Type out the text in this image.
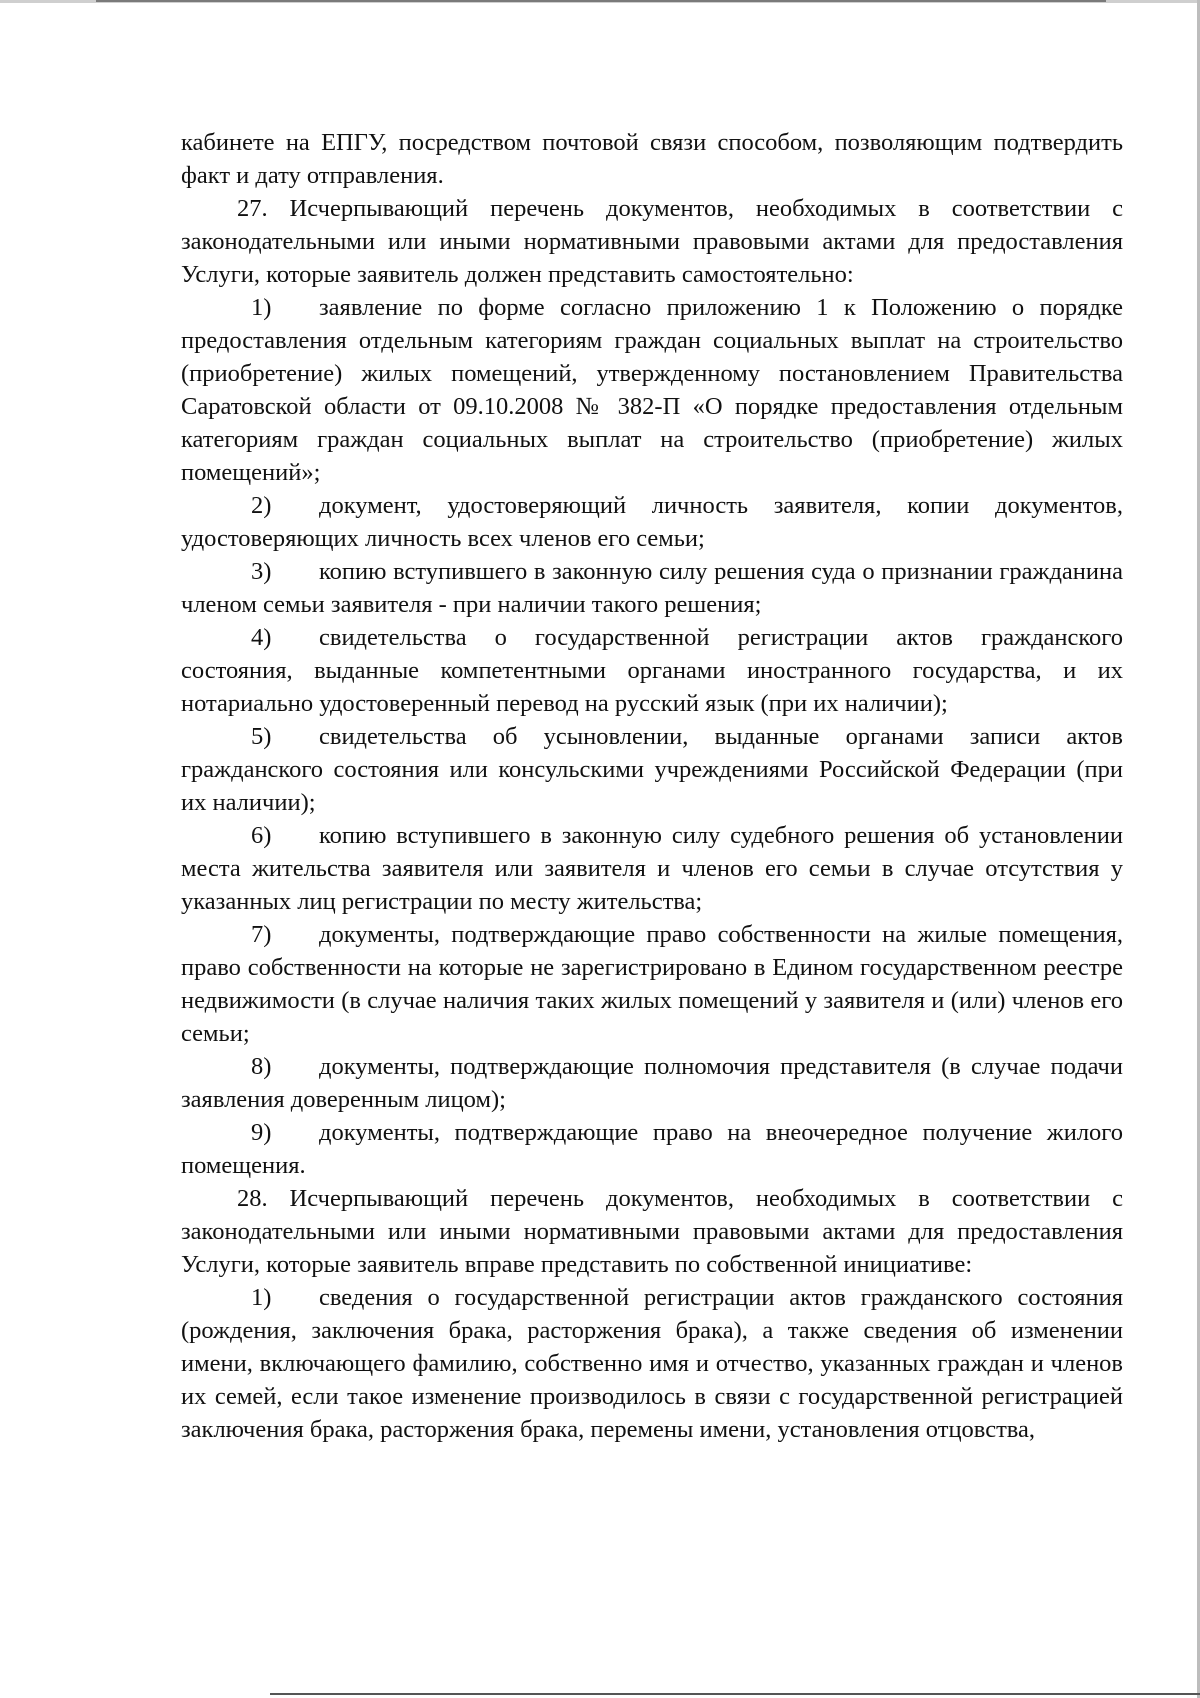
кабинете на ЕПГУ, посредством почтовой связи способом, позволяющим подтвердить факт и дату отправления.

27. Исчерпывающий перечень документов, необходимых в соответствии с законодательными или иными нормативными правовыми актами для предоставления Услуги, которые заявитель должен представить самостоятельно:

1) заявление по форме согласно приложению 1 к Положению о порядке предоставления отдельным категориям граждан социальных выплат на строительство (приобретение) жилых помещений, утвержденному постановлением Правительства Саратовской области от 09.10.2008 № 382-П «О порядке предоставления отдельным категориям граждан социальных выплат на строительство (приобретение) жилых помещений»;

2) документ, удостоверяющий личность заявителя, копии документов, удостоверяющих личность всех членов его семьи;

3) копию вступившего в законную силу решения суда о признании гражданина членом семьи заявителя - при наличии такого решения;

4) свидетельства о государственной регистрации актов гражданского состояния, выданные компетентными органами иностранного государства, и их нотариально удостоверенный перевод на русский язык (при их наличии);

5) свидетельства об усыновлении, выданные органами записи актов гражданского состояния или консульскими учреждениями Российской Федерации (при их наличии);

6) копию вступившего в законную силу судебного решения об установлении места жительства заявителя или заявителя и членов его семьи в случае отсутствия у указанных лиц регистрации по месту жительства;

7) документы, подтверждающие право собственности на жилые помещения, право собственности на которые не зарегистрировано в Едином государственном реестре недвижимости (в случае наличия таких жилых помещений у заявителя и (или) членов его семьи;

8) документы, подтверждающие полномочия представителя (в случае подачи заявления доверенным лицом);

9) документы, подтверждающие право на внеочередное получение жилого помещения.

28. Исчерпывающий перечень документов, необходимых в соответствии с законодательными или иными нормативными правовыми актами для предоставления Услуги, которые заявитель вправе представить по собственной инициативе:

1) сведения о государственной регистрации актов гражданского состояния (рождения, заключения брака, расторжения брака), а также сведения об изменении имени, включающего фамилию, собственно имя и отчество, указанных граждан и членов их семей, если такое изменение производилось в связи с государственной регистрацией заключения брака, расторжения брака, перемены имени, установления отцовства,
